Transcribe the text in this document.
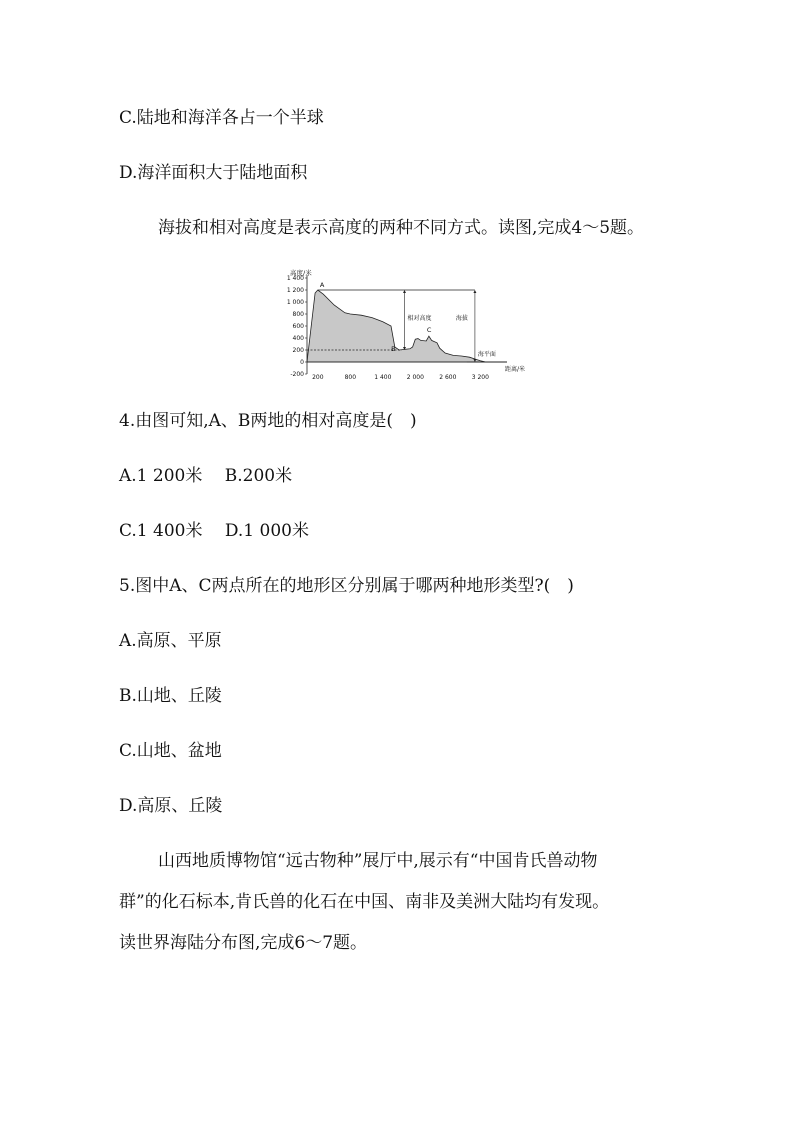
C.陆地和海洋各占一个半球
D.海洋面积大于陆地面积
海拔和相对高度是表示高度的两种不同方式。读图,完成4～5题。
1 400
1 200
1 000
800
600
400
200
0
-200 200	800	1 400	2 000	2 600	3 200
高度/米
距离/米
相对高度	海拔
海平面
A
B
C
4.由图可知,A、B两地的相对高度是(　)
A.1 200米　 B.200米
C.1 400米　 D.1 000米
5.图中A、C两点所在的地形区分别属于哪两种地形类型?(　)
A.高原、平原
B.山地、丘陵
C.山地、盆地
D.高原、丘陵
山西地质博物馆“远古物种”展厅中,展示有“中国肯氏兽动物
群”的化石标本,肯氏兽的化石在中国、南非及美洲大陆均有发现。
读世界海陆分布图,完成6～7题。
